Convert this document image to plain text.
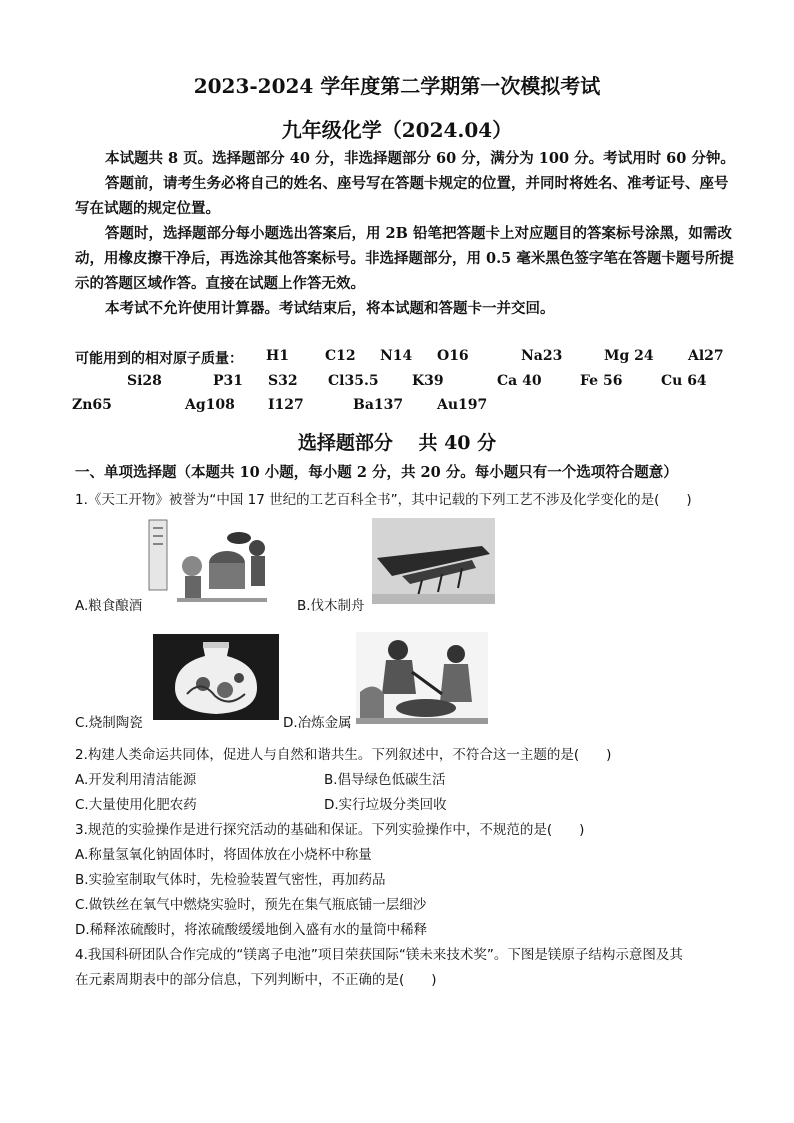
2023-2024 学年度第二学期第一次模拟考试
九年级化学（2024.04）

本试题共 8 页。选择题部分 40 分，非选择题部分 60 分，满分为 100 分。考试用时 60 分钟。

答题前，请考生务必将自己的姓名、座号写在答题卡规定的位置，并同时将姓名、准考证号、座号写在试题的规定位置。

答题时，选择题部分每小题选出答案后，用 2B 铅笔把答题卡上对应题目的答案标号涂黑，如需改动，用橡皮擦干净后，再选涂其他答案标号。非选择题部分，用 0.5 毫米黑色签字笔在答题卡题号所提示的答题区域作答。直接在试题上作答无效。

本考试不允许使用计算器。考试结束后，将本试题和答题卡一并交回。

可能用到的相对原子质量： H1	C12 N14 O16	Na23	Mg 24 Al27
Si28	P31 S32 Cl35.5 K39	Ca 40	Fe 56	Cu 64
Zn65	Ag108 I127	Ba137 Au197
选择题部分　 共 40 分
一、单项选择题（本题共 10 小题，每小题 2 分，共 20 分。每小题只有一个选项符合题意）
1.《天工开物》被誉为“中国 17 世纪的工艺百科全书”，其中记载的下列工艺不涉及化学变化的是(　　)
A.粮食酿酒	B.伐木制舟
C.烧制陶瓷	D.冶炼金属
2.构建人类命运共同体，促进人与自然和谐共生。下列叙述中，不符合这一主题的是(　　)
A.开发利用清洁能源	B.倡导绿色低碳生活
C.大量使用化肥农药	D.实行垃圾分类回收
3.规范的实验操作是进行探究活动的基础和保证。下列实验操作中，不规范的是(　　)
A.称量氢氧化钠固体时，将固体放在小烧杯中称量
B.实验室制取气体时，先检验装置气密性，再加药品
C.做铁丝在氧气中燃烧实验时，预先在集气瓶底铺一层细沙
D.稀释浓硫酸时，将浓硫酸缓缓地倒入盛有水的量筒中稀释
4.我国科研团队合作完成的“镁离子电池”项目荣获国际“镁未来技术奖”。下图是镁原子结构示意图及其
在元素周期表中的部分信息，下列判断中，不正确的是(　　)
